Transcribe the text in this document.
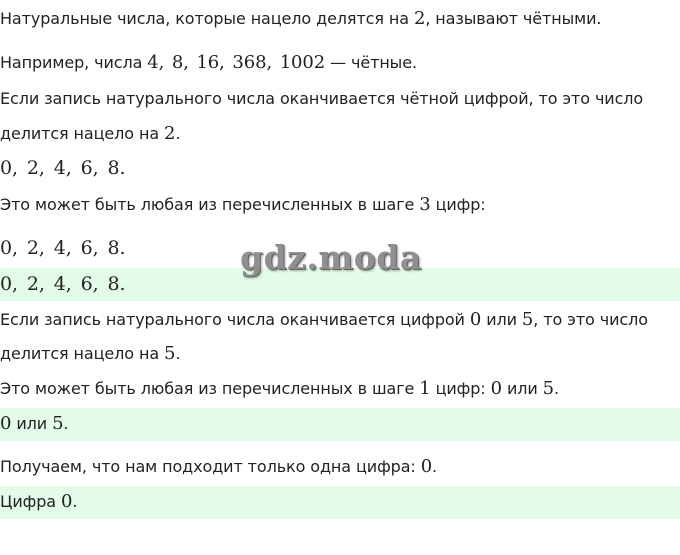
Натуральные числа, которые нацело делятся на 2, называют чётными.
Например, числа 4, 8, 16, 368, 1002 — чётные.
Если запись натурального числа оканчивается чётной цифрой, то это число
делится нацело на 2.
0, 2, 4, 6, 8.
Это может быть любая из перечисленных в шаге 3 цифр:
0, 2, 4, 6, 8.
0, 2, 4, 6, 8.
Если запись натурального числа оканчивается цифрой 0 или 5, то это число
делится нацело на 5.
Это может быть любая из перечисленных в шаге 1 цифр: 0 или 5.
0 или 5.
Получаем, что нам подходит только одна цифра: 0.
Цифра 0.
gdz.moda
